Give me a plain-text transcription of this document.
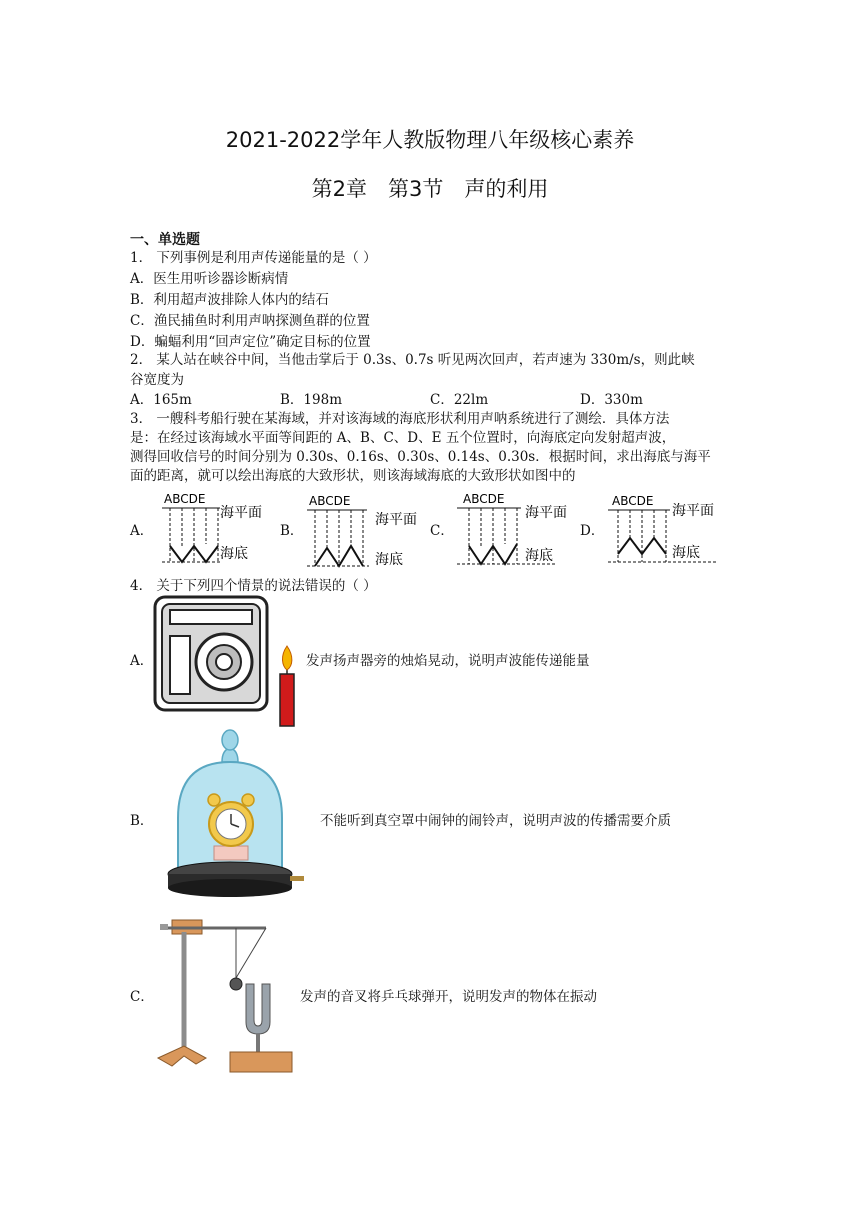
2021-2022学年人教版物理八年级核心素养
第2章　第3节　声的利用
一、单选题
1． 下列事例是利用声传递能量的是（ ）
A．医生用听诊器诊断病情
B．利用超声波排除人体内的结石
C．渔民捕鱼时利用声呐探测鱼群的位置
D．蝙蝠利用“回声定位”确定目标的位置
2． 某人站在峡谷中间，当他击掌后于 0.3s、0.7s 听见两次回声，若声速为 330m/s，则此峡
谷宽度为
A．165m	B．198m	C．22lm	D．330m
3． 一艘科考船行驶在某海域，并对该海域的海底形状利用声呐系统进行了测绘．具体方法
是：在经过该海域水平面等间距的 A、B、C、D、E 五个位置时，向海底定向发射超声波，
测得回收信号的时间分别为 0.30s、0.16s、0.30s、0.14s、0.30s．根据时间，求出海底与海平
面的距离，就可以绘出海底的大致形状，则该海域海底的大致形状如图中的
A．	B．	C．	D．
ABCDE
海平面
海底
ABCDE
海平面
海底
ABCDE
海平面
海底
ABCDE
海平面
海底
4． 关于下列四个情景的说法错误的（ ）
A．	发声扬声器旁的烛焰晃动，说明声波能传递能量
B．	不能听到真空罩中闹钟的闹铃声，说明声波的传播需要介质
C．	发声的音叉将乒乓球弹开，说明发声的物体在振动
